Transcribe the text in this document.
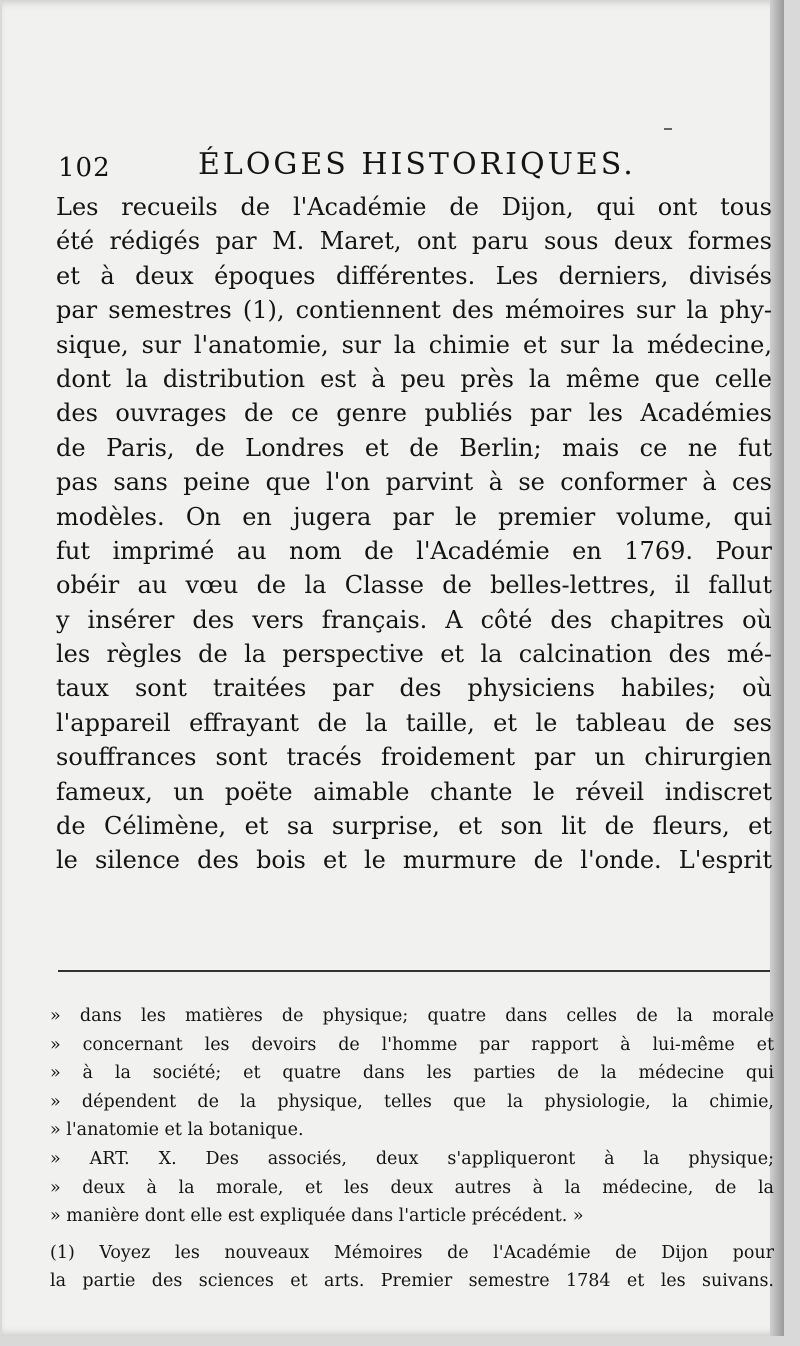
102	ÉLOGES HISTORIQUES.
Les recueils de l'Académie de Dijon, qui ont tous
été rédigés par M. Maret, ont paru sous deux formes
et à deux époques différentes. Les derniers, divisés
par semestres (1), contiennent des mémoires sur la phy-
sique, sur l'anatomie, sur la chimie et sur la médecine,
dont la distribution est à peu près la même que celle
des ouvrages de ce genre publiés par les Académies
de Paris, de Londres et de Berlin; mais ce ne fut
pas sans peine que l'on parvint à se conformer à ces
modèles. On en jugera par le premier volume, qui
fut imprimé au nom de l'Académie en 1769. Pour
obéir au vœu de la Classe de belles-lettres, il fallut
y insérer des vers français. A côté des chapitres où
les règles de la perspective et la calcination des mé-
taux sont traitées par des physiciens habiles; où
l'appareil effrayant de la taille, et le tableau de ses
souffrances sont tracés froidement par un chirurgien
fameux, un poëte aimable chante le réveil indiscret
de Célimène, et sa surprise, et son lit de fleurs, et
le silence des bois et le murmure de l'onde. L'esprit
» dans les matières de physique; quatre dans celles de la morale
» concernant les devoirs de l'homme par rapport à lui-même et
» à la société; et quatre dans les parties de la médecine qui
» dépendent de la physique, telles que la physiologie, la chimie,
» l'anatomie et la botanique.
» ART. X. Des associés, deux s'appliqueront à la physique;
» deux à la morale, et les deux autres à la médecine, de la
» manière dont elle est expliquée dans l'article précédent. »
(1) Voyez les nouveaux Mémoires de l'Académie de Dijon pour
la partie des sciences et arts. Premier semestre 1784 et les suivans.
